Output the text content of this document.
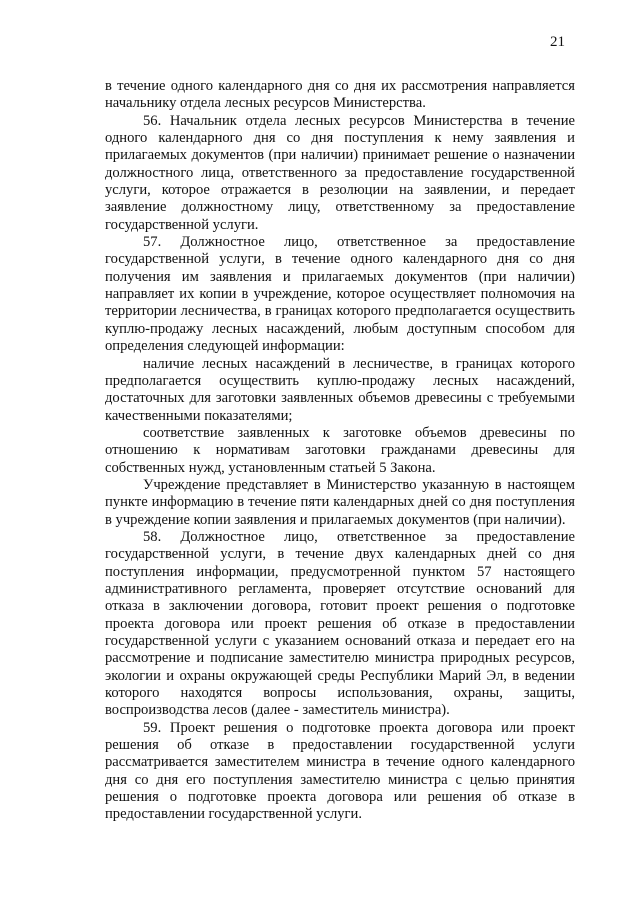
21

в течение одного календарного дня со дня их рассмотрения направляется начальнику отдела лесных ресурсов Министерства.

56. Начальник отдела лесных ресурсов Министерства в течение одного календарного дня со дня поступления к нему заявления и прилагаемых документов (при наличии) принимает решение о назначении должностного лица, ответственного за предоставление государственной услуги, которое отражается в резолюции на заявлении, и передает заявление должностному лицу, ответственному за предоставление государственной услуги.

57. Должностное лицо, ответственное за предоставление государственной услуги, в течение одного календарного дня со дня получения им заявления и прилагаемых документов (при наличии) направляет их копии в учреждение, которое осуществляет полномочия на территории лесничества, в границах которого предполагается осуществить куплю-продажу лесных насаждений, любым доступным способом для определения следующей информации:

наличие лесных насаждений в лесничестве, в границах которого предполагается осуществить куплю-продажу лесных насаждений, достаточных для заготовки заявленных объемов древесины с требуемыми качественными показателями;

соответствие заявленных к заготовке объемов древесины по отношению к нормативам заготовки гражданами древесины для собственных нужд, установленным статьей 5 Закона.

Учреждение представляет в Министерство указанную в настоящем пункте информацию в течение пяти календарных дней со дня поступления в учреждение копии заявления и прилагаемых документов (при наличии).

58. Должностное лицо, ответственное за предоставление государственной услуги, в течение двух календарных дней со дня поступления информации, предусмотренной пунктом 57 настоящего административного регламента, проверяет отсутствие оснований для отказа в заключении договора, готовит проект решения о подготовке проекта договора или проект решения об отказе в предоставлении государственной услуги с указанием оснований отказа и передает его на рассмотрение и подписание заместителю министра природных ресурсов, экологии и охраны окружающей среды Республики Марий Эл, в ведении которого находятся вопросы использования, охраны, защиты, воспроизводства лесов (далее - заместитель министра).

59. Проект решения о подготовке проекта договора или проект решения об отказе в предоставлении государственной услуги рассматривается заместителем министра в течение одного календарного дня со дня его поступления заместителю министра с целью принятия решения о подготовке проекта договора или решения об отказе в предоставлении государственной услуги.
